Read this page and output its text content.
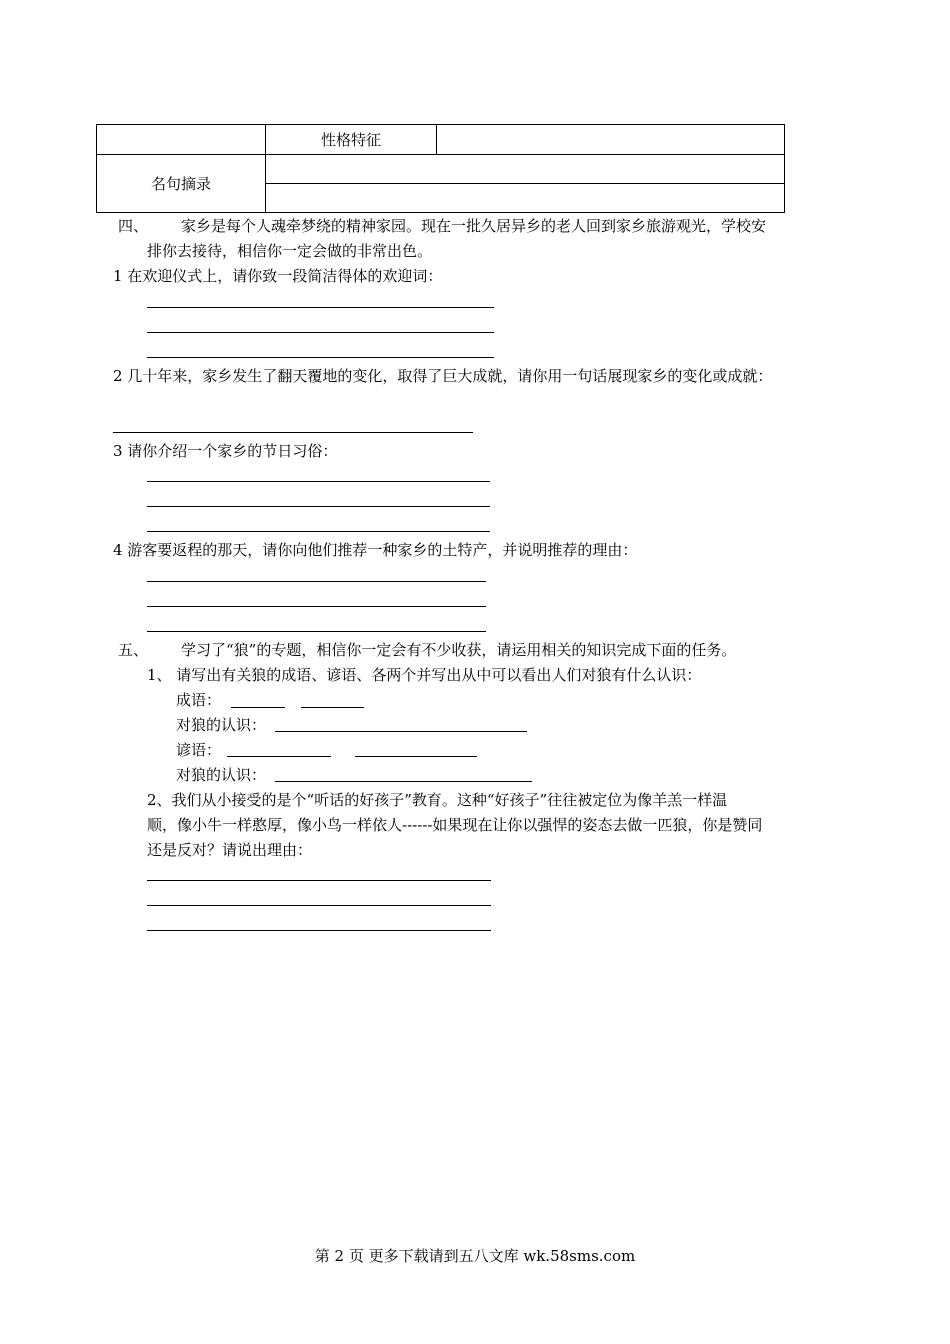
	性格特征	
名句摘录		

四、 家乡是每个人魂牵梦绕的精神家园。现在一批久居异乡的老人回到家乡旅游观光，学校安
排你去接待，相信你一定会做的非常出色。
1 在欢迎仪式上，请你致一段简洁得体的欢迎词：
2 几十年来，家乡发生了翻天覆地的变化，取得了巨大成就，请你用一句话展现家乡的变化或成就：
3 请你介绍一个家乡的节日习俗：
4 游客要返程的那天，请你向他们推荐一种家乡的土特产，并说明推荐的理由：
五、 学习了“狼”的专题，相信你一定会有不少收获，请运用相关的知识完成下面的任务。
1、 请写出有关狼的成语、谚语、各两个并写出从中可以看出人们对狼有什么认识：
成语：
对狼的认识：
谚语：
对狼的认识：
2、我们从小接受的是个“听话的好孩子”教育。这种“好孩子”往往被定位为像羊羔一样温
顺，像小牛一样憨厚，像小鸟一样依人------如果现在让你以强悍的姿态去做一匹狼，你是赞同
还是反对？请说出理由：
第 2 页 更多下载请到五八文库 wk.58sms.com
